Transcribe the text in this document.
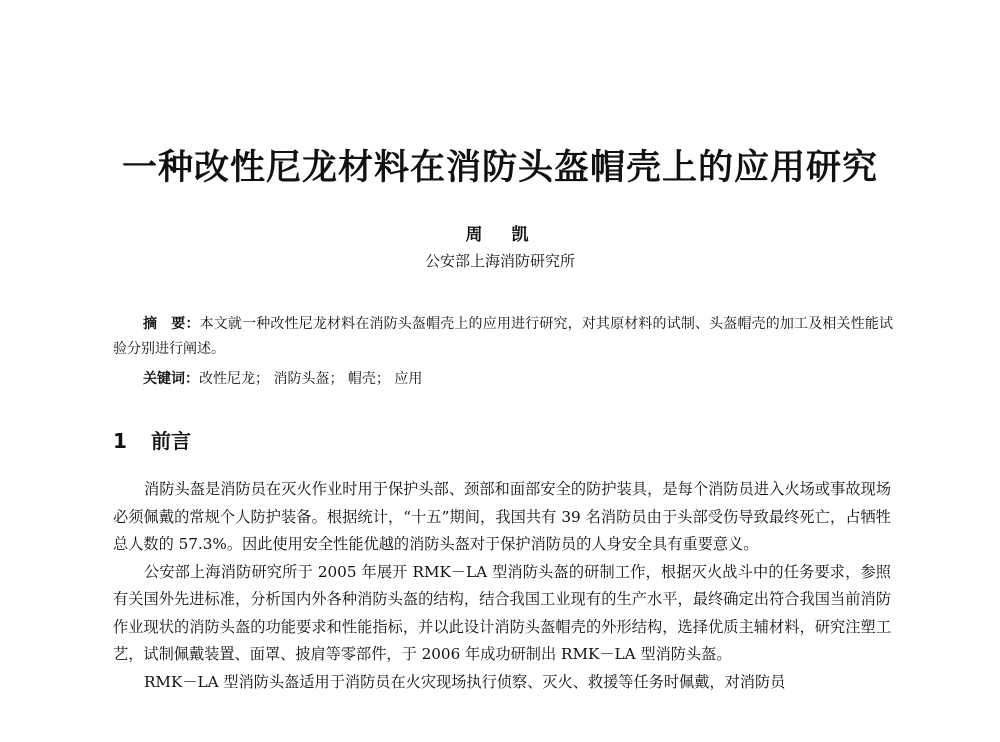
一种改性尼龙材料在消防头盔帽壳上的应用研究
周　凯
公安部上海消防研究所
摘　要：本文就一种改性尼龙材料在消防头盔帽壳上的应用进行研究，对其原材料的试制、头盔帽壳的加工及相关性能试验分别进行阐述。
关键词：改性尼龙； 消防头盔； 帽壳； 应用
1 前言

消防头盔是消防员在灭火作业时用于保护头部、颈部和面部安全的防护装具，是每个消防员进入火场或事故现场必须佩戴的常规个人防护装备。根据统计，“十五”期间，我国共有 39 名消防员由于头部受伤导致最终死亡，占牺牲总人数的 57.3%。因此使用安全性能优越的消防头盔对于保护消防员的人身安全具有重要意义。

公安部上海消防研究所于 2005 年展开 RMK－LA 型消防头盔的研制工作，根据灭火战斗中的任务要求，参照有关国外先进标准，分析国内外各种消防头盔的结构，结合我国工业现有的生产水平，最终确定出符合我国当前消防作业现状的消防头盔的功能要求和性能指标，并以此设计消防头盔帽壳的外形结构，选择优质主辅材料，研究注塑工艺，试制佩戴装置、面罩、披肩等零部件，于 2006 年成功研制出 RMK－LA 型消防头盔。

RMK－LA 型消防头盔适用于消防员在火灾现场执行侦察、灭火、救援等任务时佩戴，对消防员
